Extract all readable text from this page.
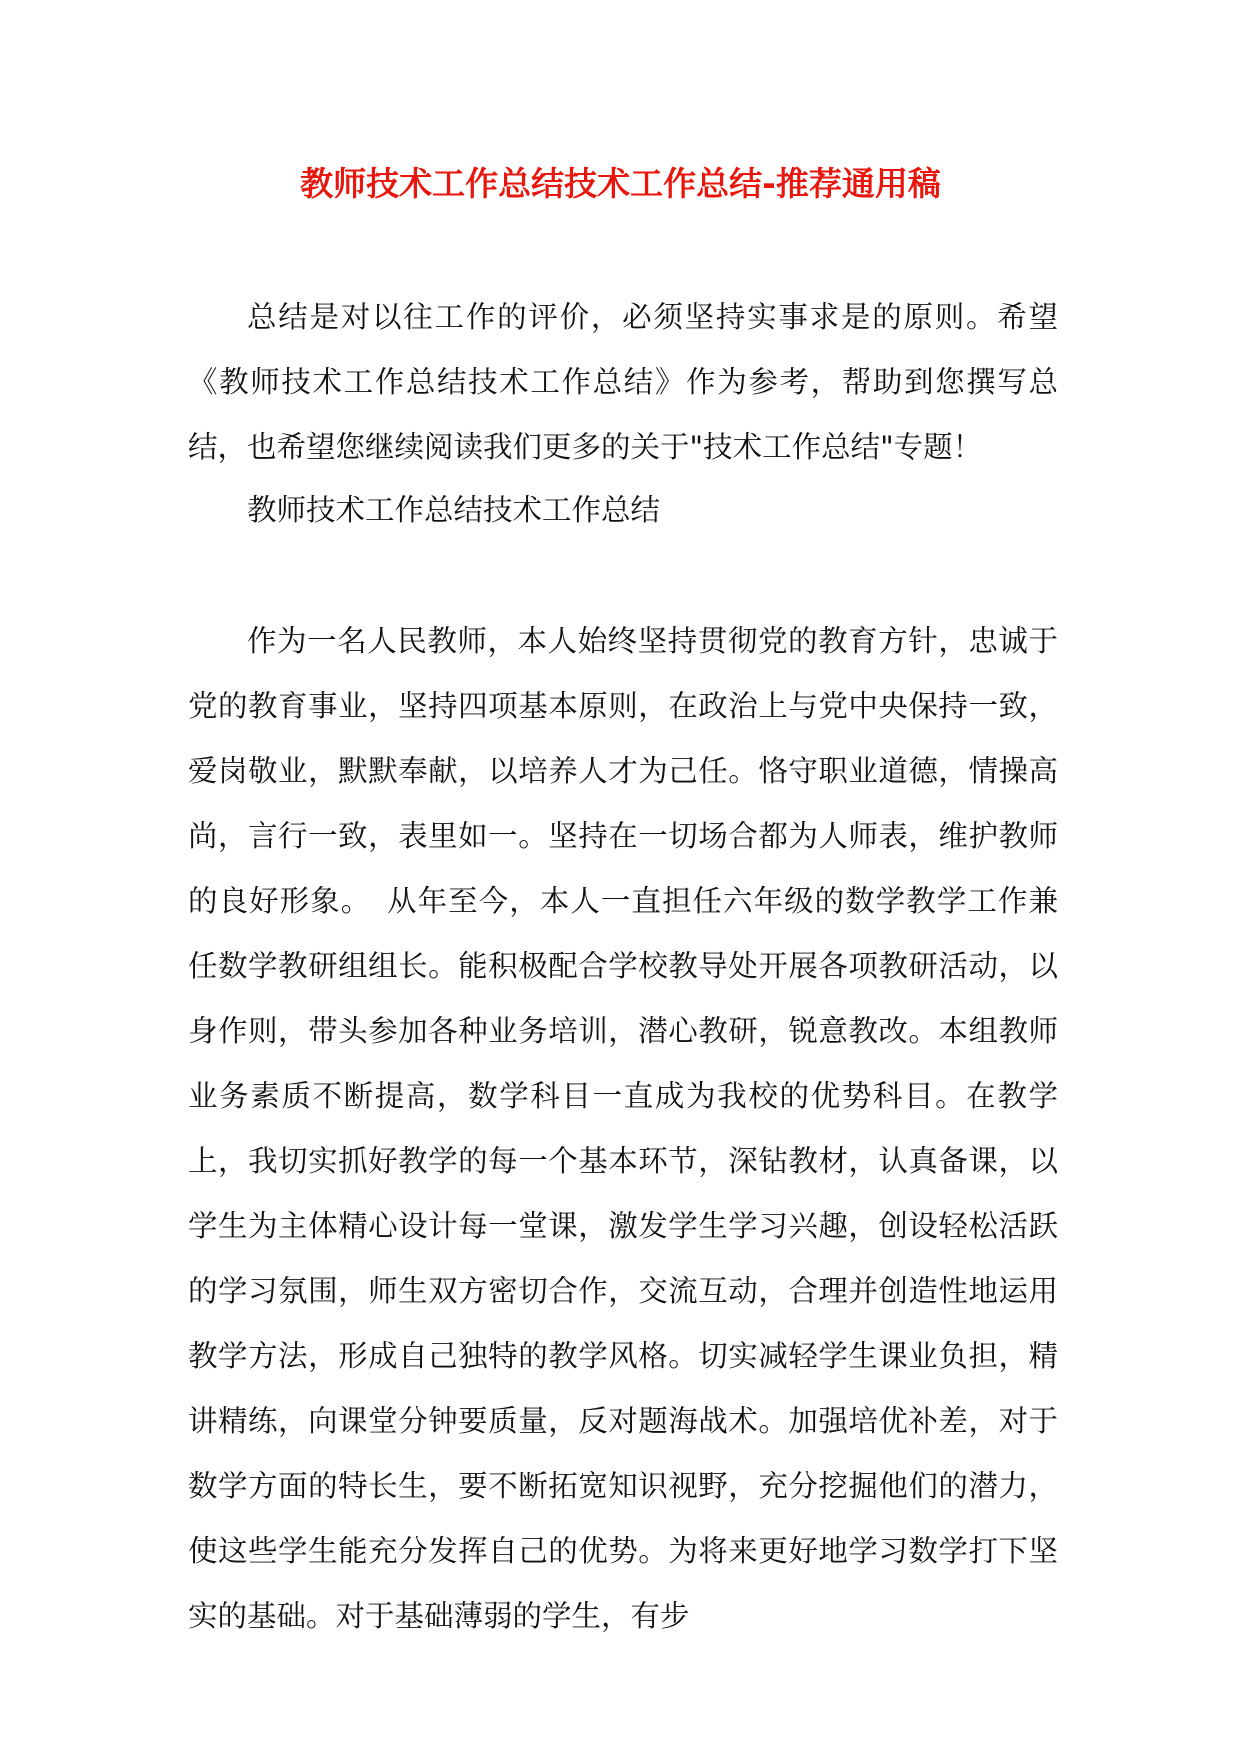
教师技术工作总结技术工作总结-推荐通用稿

总结是对以往工作的评价，必须坚持实事求是的原则。希望《教师技术工作总结技术工作总结》作为参考，帮助到您撰写总结，也希望您继续阅读我们更多的关于"技术工作总结"专题！

教师技术工作总结技术工作总结

作为一名人民教师，本人始终坚持贯彻党的教育方针，忠诚于党的教育事业，坚持四项基本原则，在政治上与党中央保持一致，爱岗敬业，默默奉献，以培养人才为己任。恪守职业道德，情操高尚，言行一致，表里如一。坚持在一切场合都为人师表，维护教师的良好形象。　从年至今，本人一直担任六年级的数学教学工作兼任数学教研组组长。能积极配合学校教导处开展各项教研活动，以身作则，带头参加各种业务培训，潜心教研，锐意教改。本组教师业务素质不断提高，数学科目一直成为我校的优势科目。在教学上，我切实抓好教学的每一个基本环节，深钻教材，认真备课，以学生为主体精心设计每一堂课，激发学生学习兴趣，创设轻松活跃的学习氛围，师生双方密切合作，交流互动，合理并创造性地运用教学方法，形成自己独特的教学风格。切实减轻学生课业负担，精讲精练，向课堂分钟要质量，反对题海战术。加强培优补差，对于数学方面的特长生，要不断拓宽知识视野，充分挖掘他们的潜力，使这些学生能充分发挥自己的优势。为将来更好地学习数学打下坚实的基础。对于基础薄弱的学生，有步
